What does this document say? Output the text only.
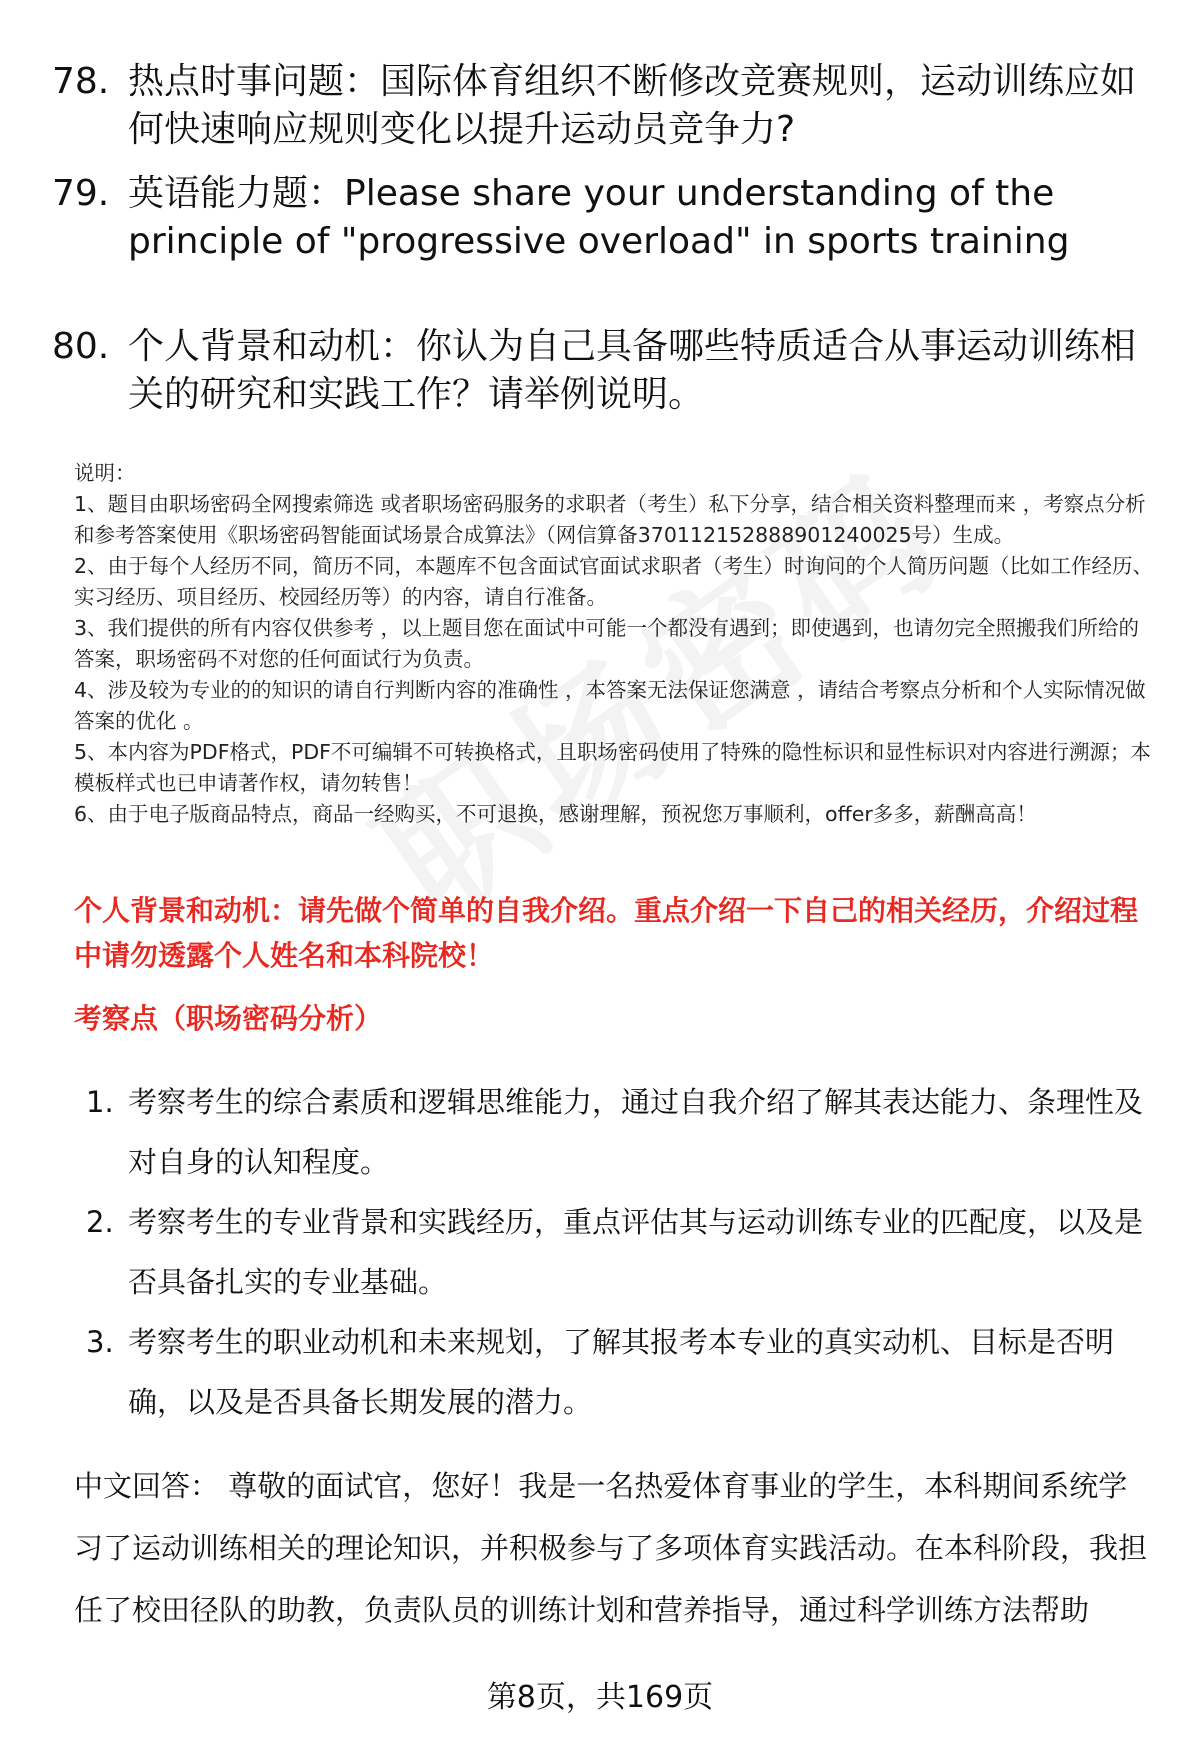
78. 热点时事问题：国际体育组织不断修改竞赛规则，运动训练应如何快速响应规则变化以提升运动员竞争力?
79. 英语能力题：Please share your understanding of the principle of "progressive overload" in sports training
80. 个人背景和动机：你认为自己具备哪些特质适合从事运动训练相关的研究和实践工作？请举例说明。

说明：

1、题目由职场密码全网搜索筛选 或者职场密码服务的求职者（考生）私下分享，结合相关资料整理而来 ，考察点分析和参考答案使用《职场密码智能面试场景合成算法》（网信算备370112152888901240025号）生成。

2、由于每个人经历不同，简历不同，本题库不包含面试官面试求职者（考生）时询问的个人简历问题（比如工作经历、实习经历、项目经历、校园经历等）的内容，请自行准备。

3、我们提供的所有内容仅供参考 ，以上题目您在面试中可能一个都没有遇到；即使遇到，也请勿完全照搬我们所给的答案，职场密码不对您的任何面试行为负责。

4、涉及较为专业的的知识的请自行判断内容的准确性 ，本答案无法保证您满意 ，请结合考察点分析和个人实际情况做答案的优化 。

5、本内容为PDF格式，PDF不可编辑不可转换格式，且职场密码使用了特殊的隐性标识和显性标识对内容进行溯源；本模板样式也已申请著作权，请勿转售！

6、由于电子版商品特点，商品一经购买，不可退换，感谢理解，预祝您万事顺利，offer多多，薪酬高高！

个人背景和动机：请先做个简单的自我介绍。重点介绍一下自己的相关经历，介绍过程中请勿透露个人姓名和本科院校！
考察点（职场密码分析）
1. 考察考生的综合素质和逻辑思维能力，通过自我介绍了解其表达能力、条理性及对自身的认知程度。
2. 考察考生的专业背景和实践经历，重点评估其与运动训练专业的匹配度，以及是否具备扎实的专业基础。
3. 考察考生的职业动机和未来规划，了解其报考本专业的真实动机、目标是否明确，以及是否具备长期发展的潜力。
中文回答： 尊敬的面试官，您好！我是一名热爱体育事业的学生，本科期间系统学习了运动训练相关的理论知识，并积极参与了多项体育实践活动。在本科阶段，我担任了校田径队的助教，负责队员的训练计划和营养指导，通过科学训练方法帮助
第8页，共169页
